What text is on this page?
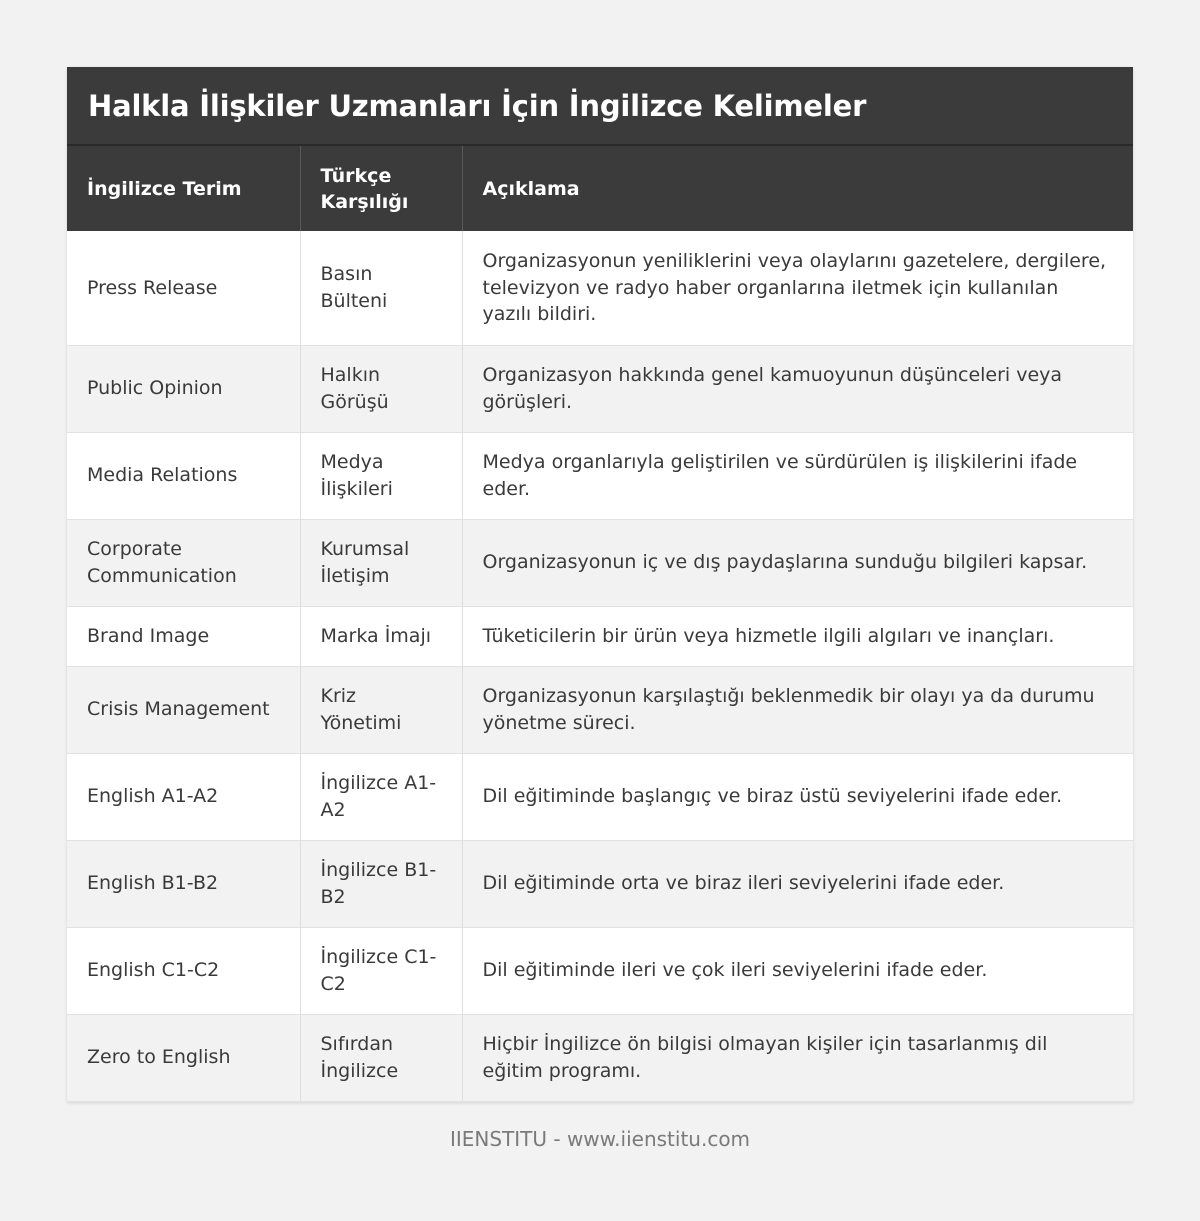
Halkla İlişkiler Uzmanları İçin İngilizce Kelimeler
İngilizce Terim	Türkçe Karşılığı	Açıklama
Press Release	Basın Bülteni	Organizasyonun yeniliklerini veya olaylarını gazetelere, dergilere, televizyon ve radyo haber organlarına iletmek için kullanılan yazılı bildiri.
Public Opinion	Halkın Görüşü	Organizasyon hakkında genel kamuoyunun düşünceleri veya görüşleri.
Media Relations	Medya İlişkileri	Medya organlarıyla geliştirilen ve sürdürülen iş ilişkilerini ifade eder.
Corporate Communication	Kurumsal İletişim	Organizasyonun iç ve dış paydaşlarına sunduğu bilgileri kapsar.
Brand Image	Marka İmajı	Tüketicilerin bir ürün veya hizmetle ilgili algıları ve inançları.
Crisis Management	Kriz Yönetimi	Organizasyonun karşılaştığı beklenmedik bir olayı ya da durumu yönetme süreci.
English A1-A2	İngilizce A1-A2	Dil eğitiminde başlangıç ve biraz üstü seviyelerini ifade eder.
English B1-B2	İngilizce B1-B2	Dil eğitiminde orta ve biraz ileri seviyelerini ifade eder.
English C1-C2	İngilizce C1-C2	Dil eğitiminde ileri ve çok ileri seviyelerini ifade eder.
Zero to English	Sıfırdan İngilizce	Hiçbir İngilizce ön bilgisi olmayan kişiler için tasarlanmış dil eğitim programı.
IIENSTITU - www.iienstitu.com
